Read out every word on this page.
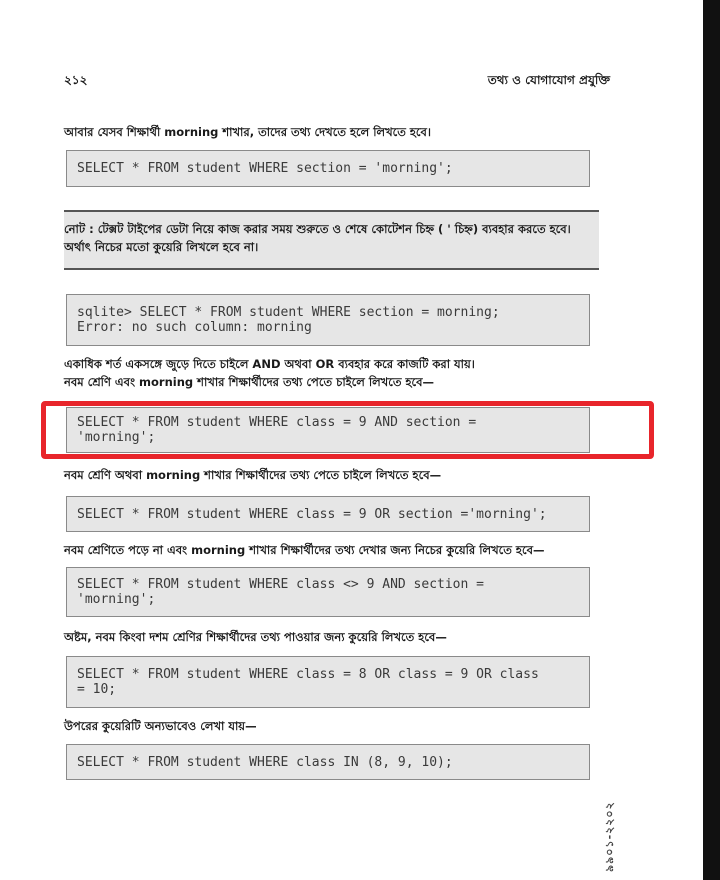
২১২	তথ্য ও যোগাযোগ প্রযুক্তি
আবার যেসব শিক্ষার্থী morning শাখার, তাদের তথ্য দেখতে হলে লিখতে হবে।
SELECT * FROM student WHERE section = 'morning';
নোট : টেক্সট টাইপের ডেটা নিয়ে কাজ করার সময় শুরুতে ও শেষে কোটেশন চিহ্ন ( ' চিহ্ন) ব্যবহার করতে হবে। অর্থাৎ নিচের মতো কুয়েরি লিখলে হবে না।
sqlite> SELECT * FROM student WHERE section = morning;
Error: no such column: morning
একাধিক শর্ত একসঙ্গে জুড়ে দিতে চাইলে AND অথবা OR ব্যবহার করে কাজটি করা যায়।
নবম শ্রেণি এবং morning শাখার শিক্ষার্থীদের তথ্য পেতে চাইলে লিখতে হবে—
SELECT * FROM student WHERE class = 9 AND section =
'morning';
নবম শ্রেণি অথবা morning শাখার শিক্ষার্থীদের তথ্য পেতে চাইলে লিখতে হবে—
SELECT * FROM student WHERE class = 9 OR section ='morning';
নবম শ্রেণিতে পড়ে না এবং morning শাখার শিক্ষার্থীদের তথ্য দেখার জন্য নিচের কুয়েরি লিখতে হবে—
SELECT * FROM student WHERE class <> 9 AND section =
'morning';
অষ্টম, নবম কিংবা দশম শ্রেণির শিক্ষার্থীদের তথ্য পাওয়ার জন্য কুয়েরি লিখতে হবে—
SELECT * FROM student WHERE class = 8 OR class = 9 OR class
= 10;
উপরের কুয়েরিটি অন্যভাবেও লেখা যায়—
SELECT * FROM student WHERE class IN (8, 9, 10);
৯৯০১-২২০২
